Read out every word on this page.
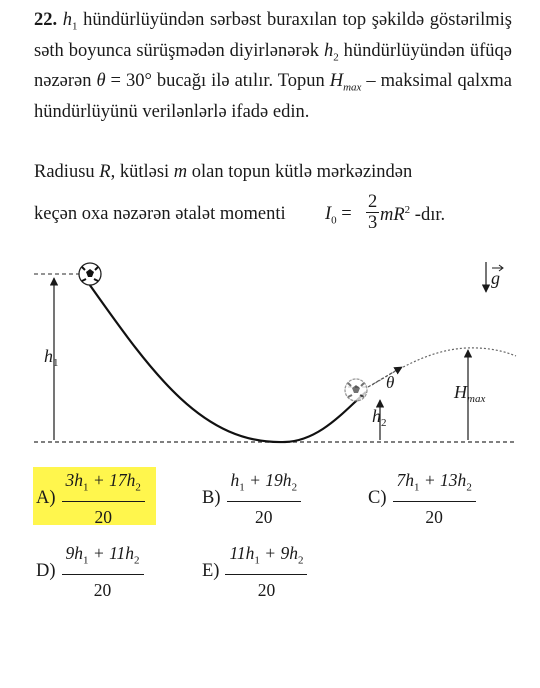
22. $h_1$ hündürlüyündən sərbəst buraxılan top şəkildə göstərilmiş səth boyunca sürüşmədən diyirlənərək $h_2$ hündürlüyündən üfüqə nəzərən θ = 30° bucağı ilə atılır. Topun $H_{max}$ – maksimal qalxma hündürlüyünü verilənlərlə ifadə edin.
Radiusu R, kütləsi m olan topun kütlə mərkəzindən
keçən oxa nəzərən ətalət momenti $I_0 = \frac{2}{3} mR^2$ -dır.
$h_1$
$h_2$
θ	$H_{max}$
g
$A) \frac{3h_1 + 17h_2}{20}$	$B) \frac{h_1 + 19h_2}{20}$	$C) \frac{7h_1 + 13h_2}{20}$
$D) \frac{9h_1 + 11h_2}{20}$	$E) \frac{11h_1 + 9h_2}{20}$
